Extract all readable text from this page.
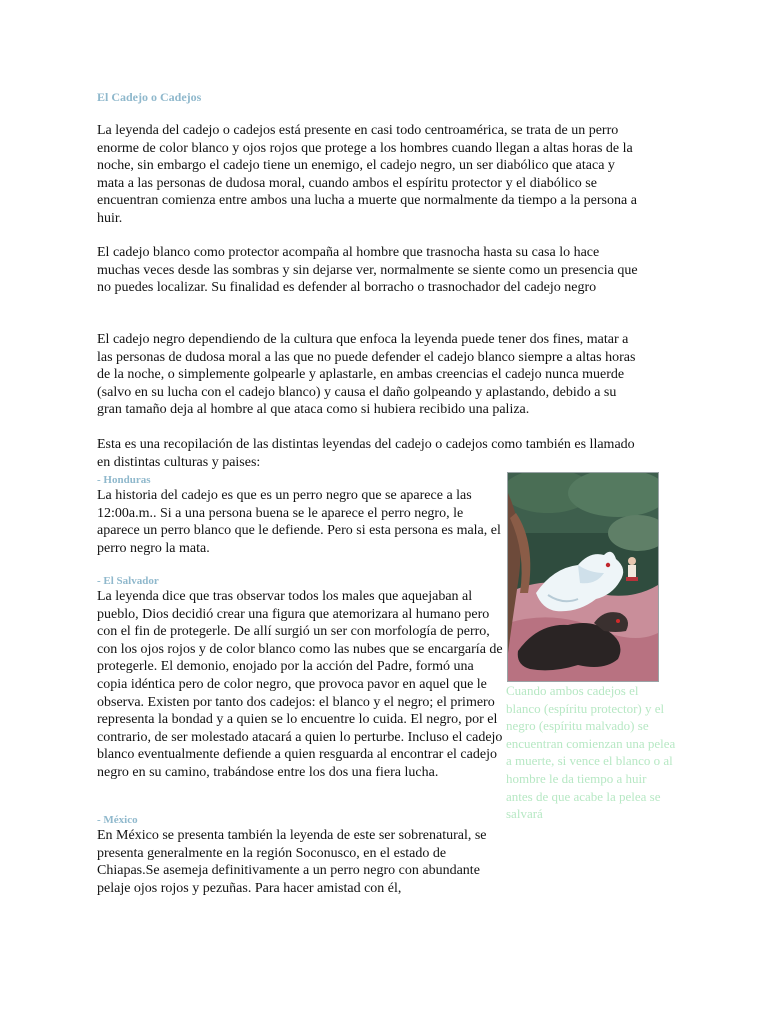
El Cadejo o Cadejos

La leyenda del cadejo o cadejos está presente en casi todo centroamérica, se trata de un perro enorme de color blanco y ojos rojos que protege a los hombres cuando llegan a altas horas de la noche, sin embargo el cadejo tiene un enemigo, el cadejo negro, un ser diabólico que ataca y mata a las personas de dudosa moral, cuando ambos el espíritu protector y el diabólico se encuentran comienza entre ambos una lucha a muerte que normalmente da tiempo a la persona a huir.

El cadejo blanco como protector acompaña al hombre que trasnocha hasta su casa lo hace muchas veces desde las sombras y sin dejarse ver, normalmente se siente como un presencia que no puedes localizar. Su finalidad es defender al borracho o trasnochador del cadejo negro

El cadejo negro dependiendo de la cultura que enfoca la leyenda puede tener dos fines, matar a las personas de dudosa moral a las que no puede defender el cadejo blanco siempre a altas horas de la noche, o simplemente golpearle y aplastarle, en ambas creencias el cadejo nunca muerde (salvo en su lucha con el cadejo blanco) y causa el daño golpeando y aplastando, debido a su gran tamaño deja al hombre al que ataca como si hubiera recibido una paliza.

Esta es una recopilación de las distintas leyendas del cadejo o cadejos como también es llamado en distintas culturas y paises:

- Honduras

La historia del cadejo es que es un perro negro que se aparece a las 12:00a.m.. Si a una persona buena se le aparece el perro negro, le aparece un perro blanco que le defiende. Pero si esta persona es mala, el perro negro la mata.

- El Salvador

La leyenda dice que tras observar todos los males que aquejaban al pueblo, Dios decidió crear una figura que atemorizara al humano pero con el fin de protegerle. De allí surgió un ser con morfología de perro, con los ojos rojos y de color blanco como las nubes que se encargaría de protegerle. El demonio, enojado por la acción del Padre, formó una copia idéntica pero de color negro, que provoca pavor en aquel que le observa. Existen por tanto dos cadejos: el blanco y el negro; el primero representa la bondad y a quien se lo encuentre lo cuida. El negro, por el contrario, de ser molestado atacará a quien lo perturbe. Incluso el cadejo blanco eventualmente defiende a quien resguarda al encontrar el cadejo negro en su camino, trabándose entre los dos una fiera lucha.

- México

En México se presenta también la leyenda de este ser sobrenatural, se presenta generalmente en la región Soconusco, en el estado de Chiapas.Se asemeja definitivamente a un perro negro con abundante pelaje ojos rojos y pezuñas. Para hacer amistad con él,

Cuando ambos cadejos el blanco (espíritu protector) y el negro (espíritu malvado) se encuentran comienzan una pelea a muerte, si vence el blanco o al hombre le da tiempo a huir antes de que acabe la pelea se salvará
